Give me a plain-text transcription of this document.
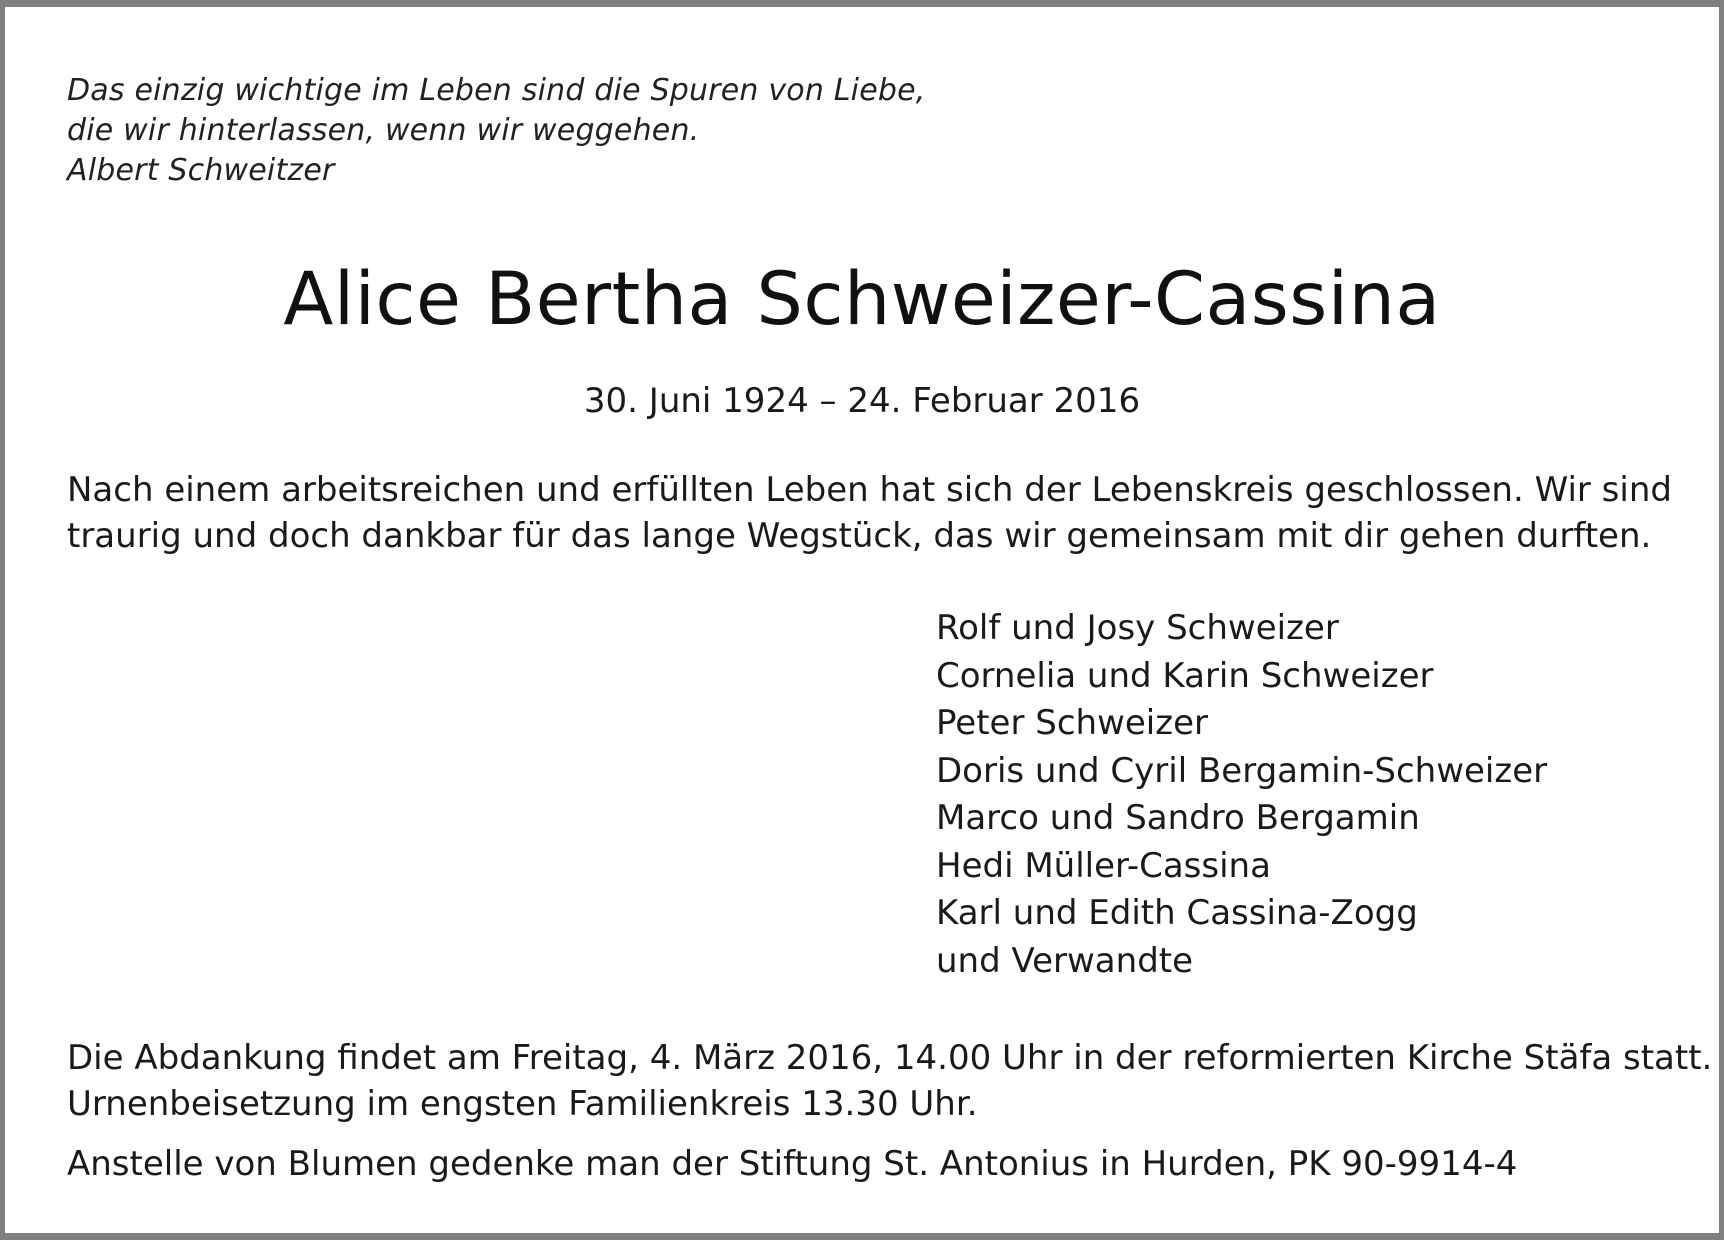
Das einzig wichtige im Leben sind die Spuren von Liebe,
die wir hinterlassen, wenn wir weggehen.
Albert Schweitzer
Alice Bertha Schweizer-Cassina
30. Juni 1924 – 24. Februar 2016
Nach einem arbeitsreichen und erfüllten Leben hat sich der Lebenskreis geschlossen. Wir sind
traurig und doch dankbar für das lange Wegstück, das wir gemeinsam mit dir gehen durften.
Rolf und Josy Schweizer
Cornelia und Karin Schweizer
Peter Schweizer
Doris und Cyril Bergamin-Schweizer
Marco und Sandro Bergamin
Hedi Müller-Cassina
Karl und Edith Cassina-Zogg
und Verwandte
Die Abdankung findet am Freitag, 4. März 2016, 14.00 Uhr in der reformierten Kirche Stäfa statt.
Urnenbeisetzung im engsten Familienkreis 13.30 Uhr.
Anstelle von Blumen gedenke man der Stiftung St. Antonius in Hurden, PK 90-9914-4
